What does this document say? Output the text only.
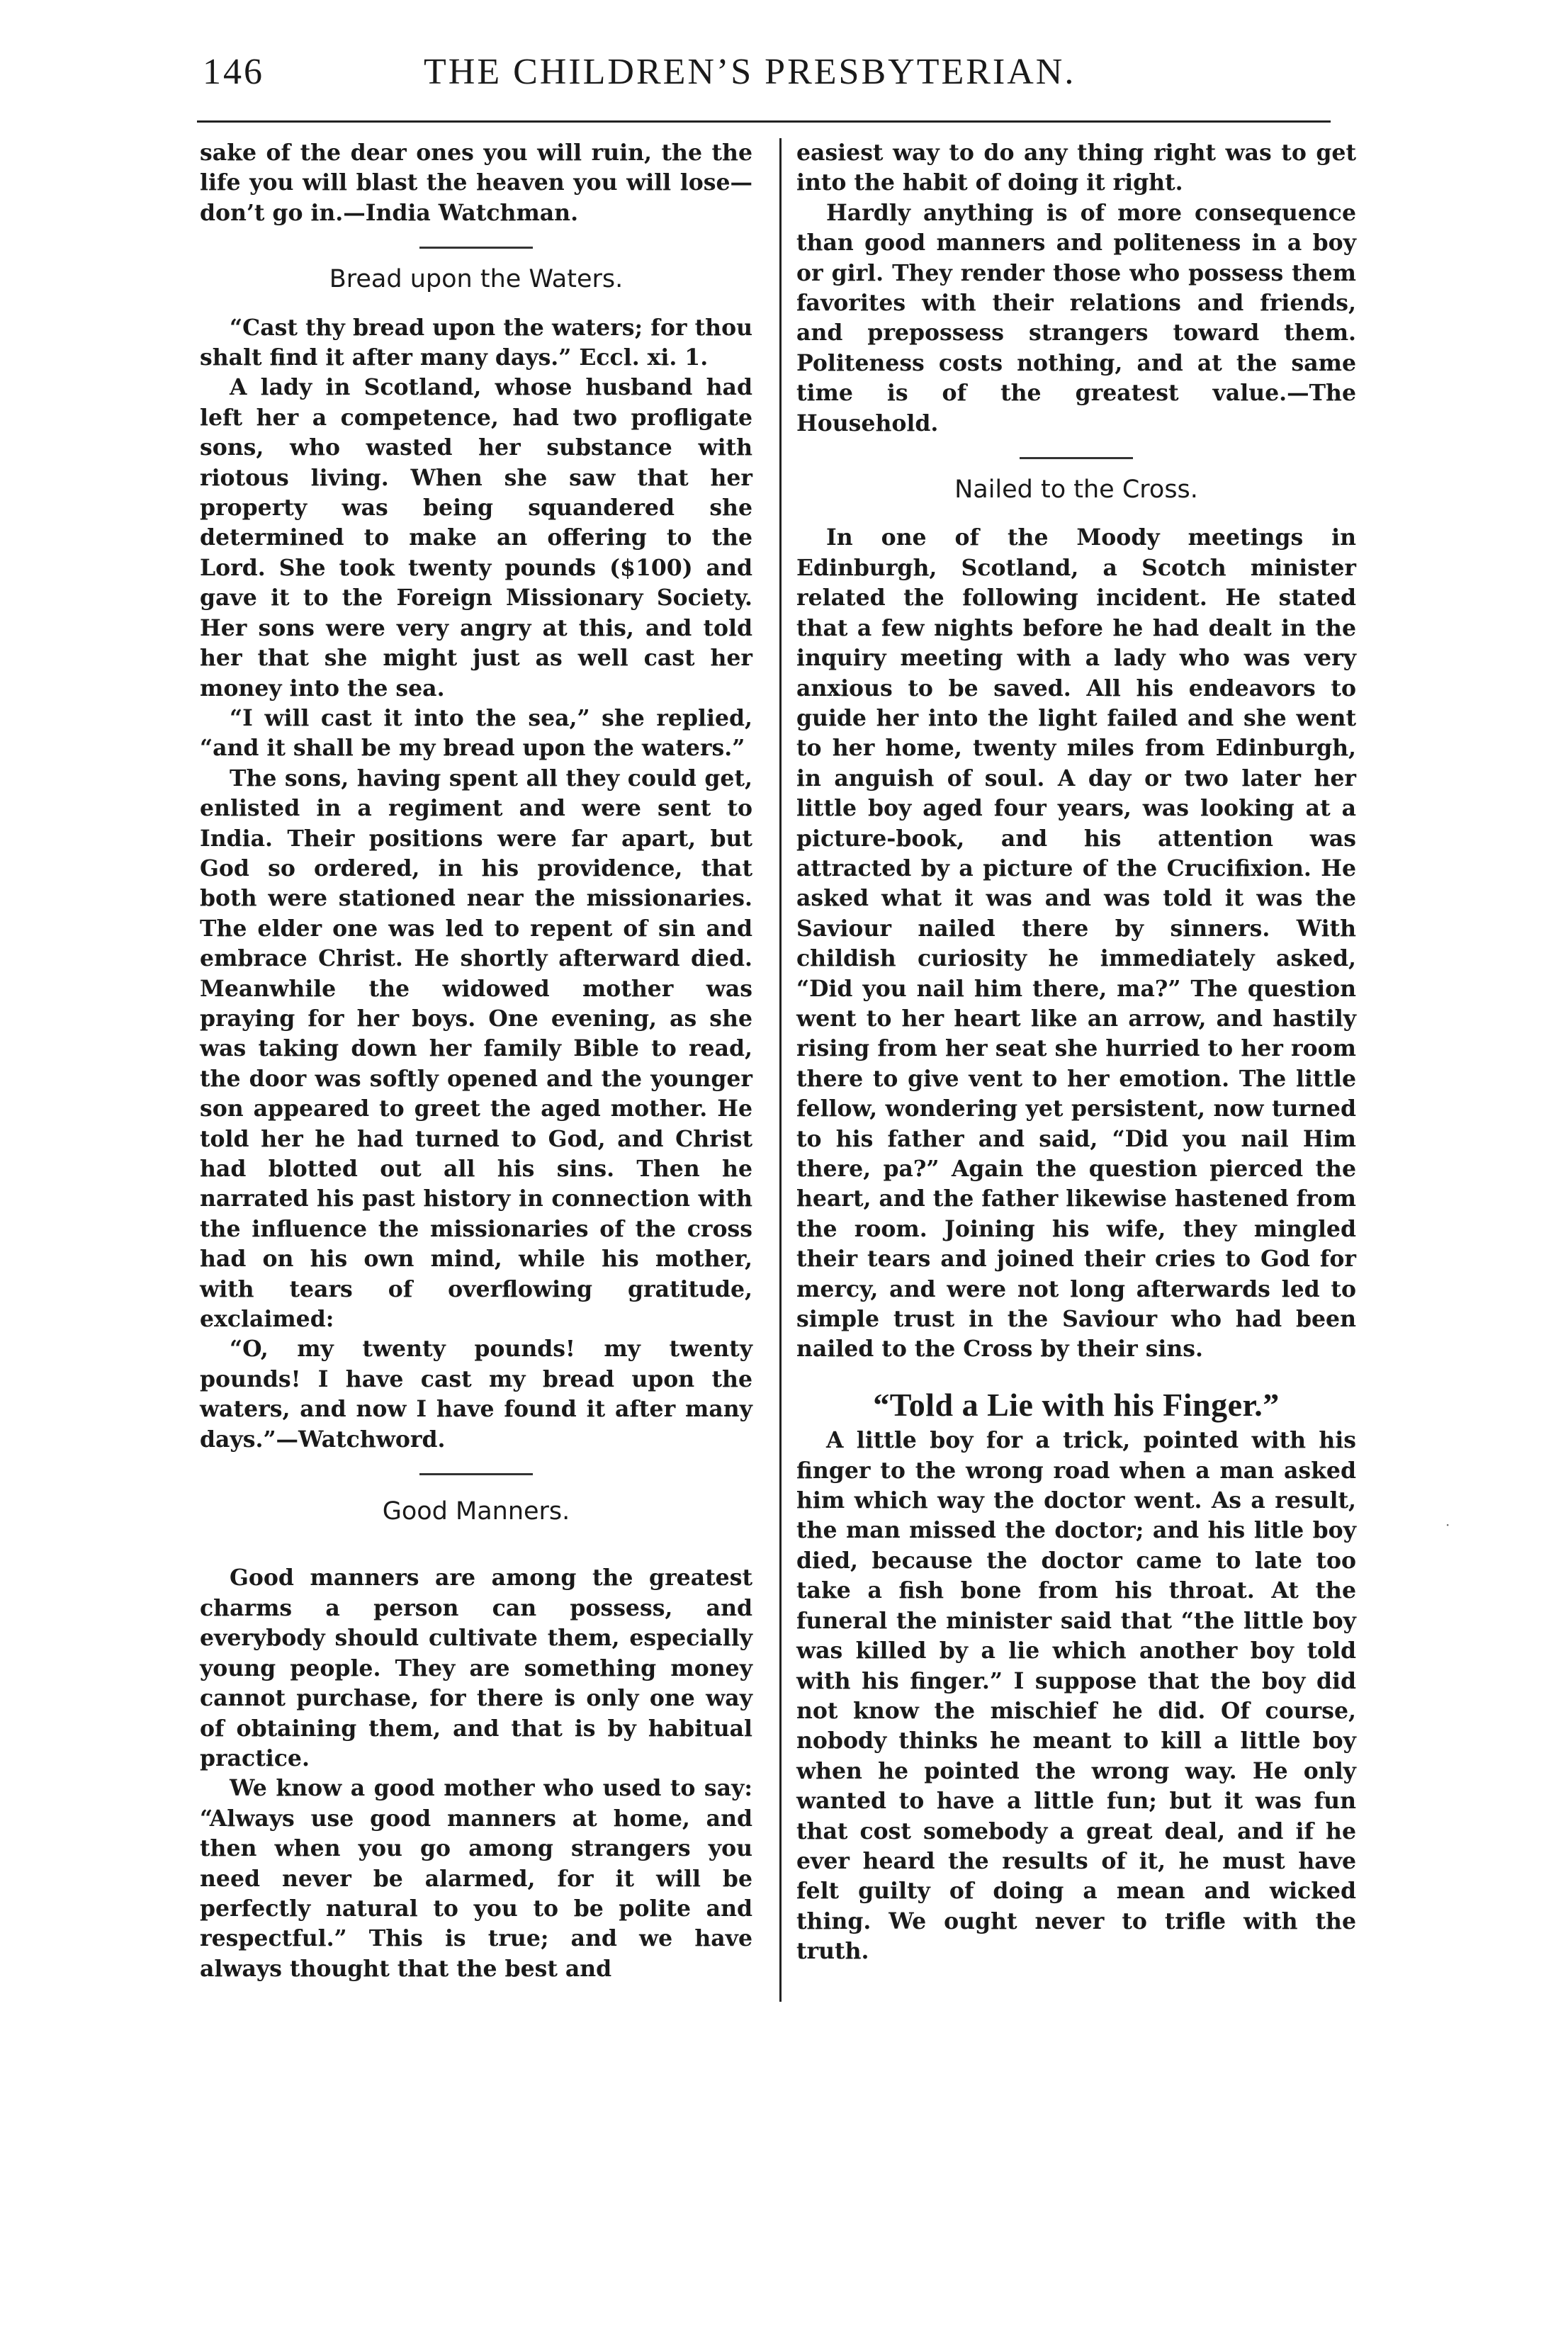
146	THE CHILDREN’S PRESBYTERIAN.

sake of the dear ones you will ruin, the the life you will blast the heaven you will lose—don’t go in.—India Watchman.

Bread upon the Waters.

“Cast thy bread upon the waters; for thou shalt find it after many days.” Eccl. xi. 1.

A lady in Scotland, whose husband had left her a competence, had two profligate sons, who wasted her substance with riotous living. When she saw that her property was being squandered she determined to make an offering to the Lord. She took twenty pounds ($100) and gave it to the Foreign Missionary Society. Her sons were very angry at this, and told her that she might just as well cast her money into the sea.

“I will cast it into the sea,” she replied, “and it shall be my bread upon the waters.”

The sons, having spent all they could get, enlisted in a regiment and were sent to India. Their positions were far apart, but God so ordered, in his providence, that both were stationed near the missionaries. The elder one was led to repent of sin and embrace Christ. He shortly afterward died. Meanwhile the widowed mother was praying for her boys. One evening, as she was taking down her family Bible to read, the door was softly opened and the younger son appeared to greet the aged mother. He told her he had turned to God, and Christ had blotted out all his sins. Then he narrated his past history in connection with the influence the missionaries of the cross had on his own mind, while his mother, with tears of overflowing gratitude, exclaimed:

“O, my twenty pounds! my twenty pounds! I have cast my bread upon the waters, and now I have found it after many days.”—Watchword.

Good Manners.

Good manners are among the greatest charms a person can possess, and everybody should cultivate them, especially young people. They are something money cannot purchase, for there is only one way of obtaining them, and that is by habitual practice.

We know a good mother who used to say: “Always use good manners at home, and then when you go among strangers you need never be alarmed, for it will be perfectly natural to you to be polite and respectful.” This is true; and we have always thought that the best and

easiest way to do any thing right was to get into the habit of doing it right.

Hardly anything is of more consequence than good manners and politeness in a boy or girl. They render those who possess them favorites with their relations and friends, and prepossess strangers toward them. Politeness costs nothing, and at the same time is of the greatest value.—The Household.

Nailed to the Cross.

In one of the Moody meetings in Edinburgh, Scotland, a Scotch minister related the following incident. He stated that a few nights before he had dealt in the inquiry meeting with a lady who was very anxious to be saved. All his endeavors to guide her into the light failed and she went to her home, twenty miles from Edinburgh, in anguish of soul. A day or two later her little boy aged four years, was looking at a picture-book, and his attention was attracted by a picture of the Crucifixion. He asked what it was and was told it was the Saviour nailed there by sinners. With childish curiosity he immediately asked, “Did you nail him there, ma?” The question went to her heart like an arrow, and hastily rising from her seat she hurried to her room there to give vent to her emotion. The little fellow, wondering yet persistent, now turned to his father and said, “Did you nail Him there, pa?” Again the question pierced the heart, and the father likewise hastened from the room. Joining his wife, they mingled their tears and joined their cries to God for mercy, and were not long afterwards led to simple trust in the Saviour who had been nailed to the Cross by their sins.

“Told a Lie with his Finger.”

A little boy for a trick, pointed with his finger to the wrong road when a man asked him which way the doctor went. As a result, the man missed the doctor; and his litle boy died, because the doctor came to late too take a fish bone from his throat. At the funeral the minister said that “the little boy was killed by a lie which another boy told with his finger.” I suppose that the boy did not know the mischief he did. Of course, nobody thinks he meant to kill a little boy when he pointed the wrong way. He only wanted to have a little fun; but it was fun that cost somebody a great deal, and if he ever heard the results of it, he must have felt guilty of doing a mean and wicked thing. We ought never to trifle with the truth.

·
